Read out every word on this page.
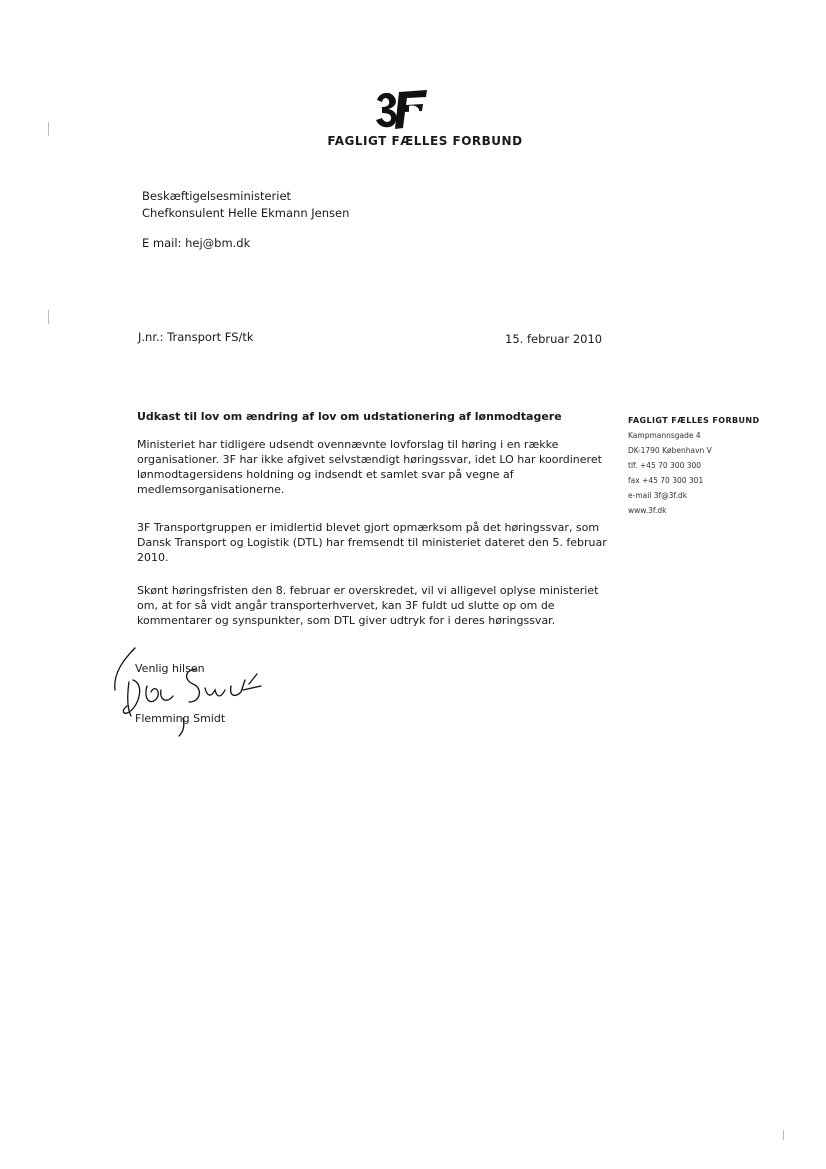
FAGLIGT FÆLLES FORBUND
Beskæftigelsesministeriet
Chefkonsulent Helle Ekmann Jensen
E mail: hej@bm.dk
J.nr.: Transport FS/tk	15. februar 2010
Udkast til lov om ændring af lov om udstationering af lønmodtagere

Ministeriet har tidligere udsendt ovennævnte lovforslag til høring i en række organisationer. 3F har ikke afgivet selvstændigt høringssvar, idet LO har koordineret lønmodtagersidens holdning og indsendt et samlet svar på vegne af medlemsorganisationerne.

3F Transportgruppen er imidlertid blevet gjort opmærksom på det høringssvar, som Dansk Transport og Logistik (DTL) har fremsendt til ministeriet dateret den 5. februar 2010.

Skønt høringsfristen den 8. februar er overskredet, vil vi alligevel oplyse ministeriet om, at for så vidt angår transporterhvervet, kan 3F fuldt ud slutte op om de kommentarer og synspunkter, som DTL giver udtryk for i deres høringssvar.

Venlig hilsen
Flemming Smidt
FAGLIGT FÆLLES FORBUND
Kampmannsgade 4
DK-1790 København V
tlf. +45 70 300 300
fax +45 70 300 301
e-mail 3f@3f.dk
www.3f.dk
